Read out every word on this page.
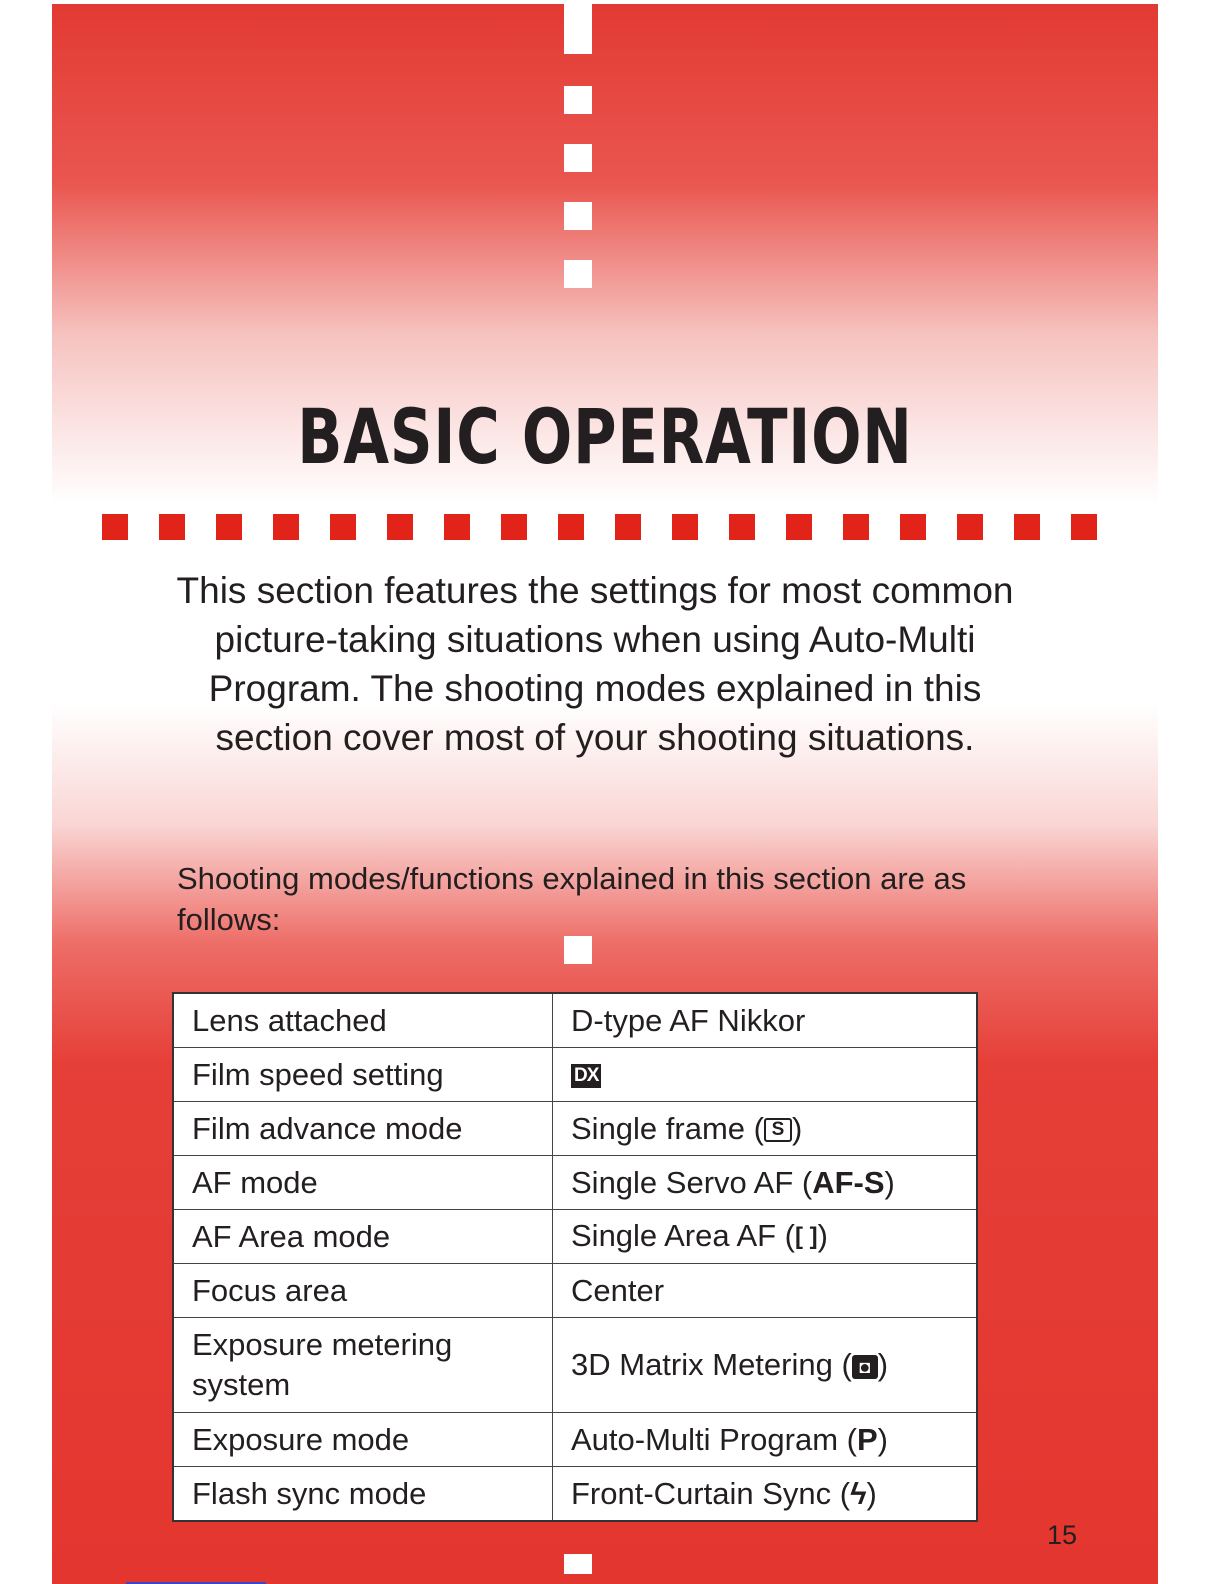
BASIC OPERATION
This section features the settings for most common picture-taking situations when using Auto-Multi Program. The shooting modes explained in this section cover most of your shooting situations.
Shooting modes/functions explained in this section are as follows:
Lens attached	D-type AF Nikkor
Film speed setting	DX
Film advance mode	Single frame ( S )
AF mode	Single Servo AF (AF-S)
AF Area mode	Single Area AF ([ ])
Focus area	Center
Exposure metering system	3D Matrix Metering ( ◘ )
Exposure mode	Auto-Multi Program (P)
Flash sync mode	Front-Curtain Sync (ϟ)
15
